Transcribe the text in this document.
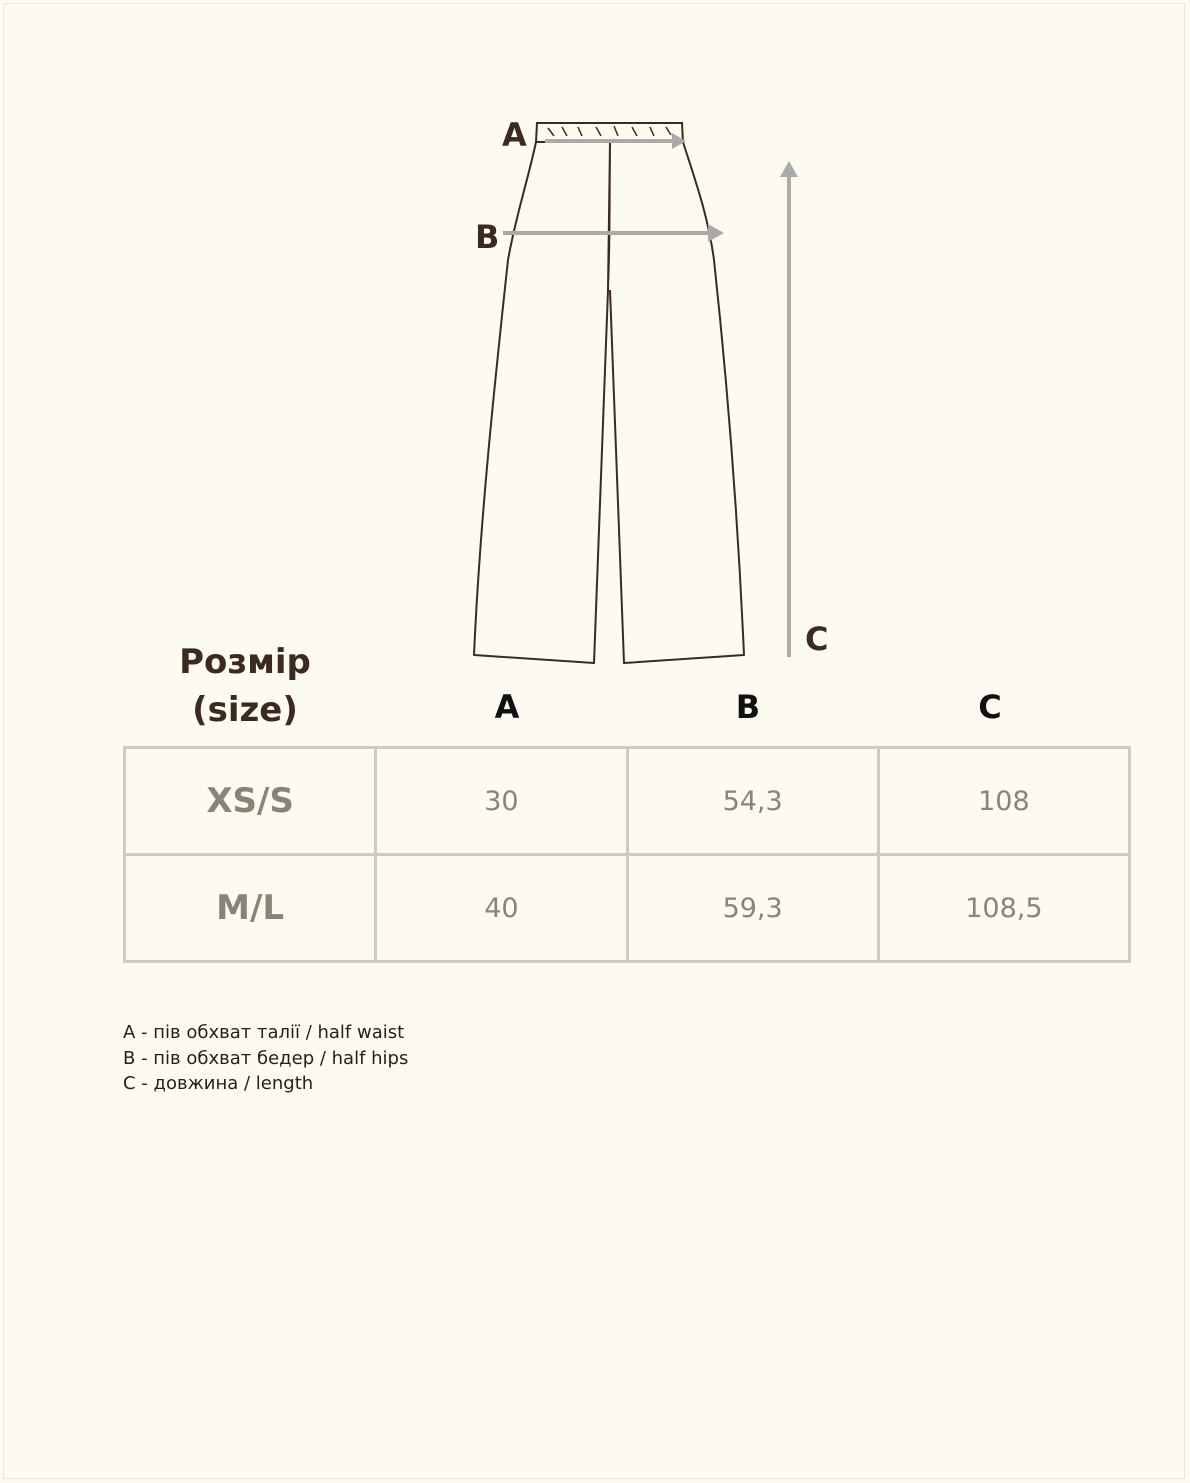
A
B
C
Розмір
(size)	A	B	C
XS/S	30	54,3	108
M/L	40	59,3	108,5
A - пів обхват талії / half waist
B - пів обхват бедер / half hips
C - довжина / length
